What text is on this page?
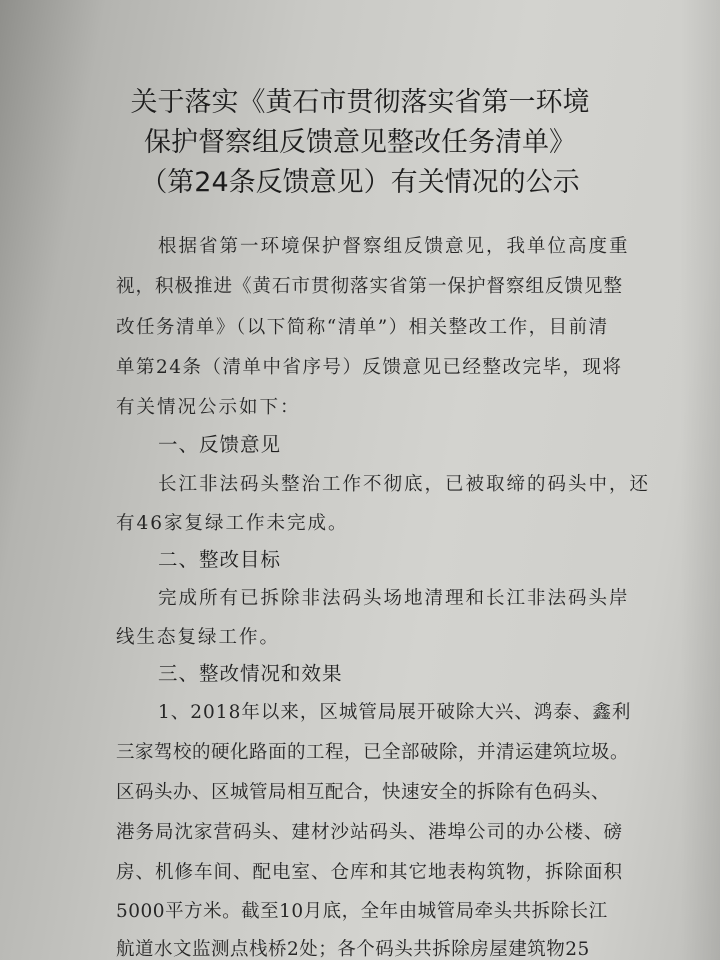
关于落实《黄石市贯彻落实省第一环境
保护督察组反馈意见整改任务清单》
（第24条反馈意见）有关情况的公示
根据省第一环境保护督察组反馈意见，我单位高度重
视，积极推进《黄石市贯彻落实省第一保护督察组反馈见整
改任务清单》（以下简称“清单”）相关整改工作，目前清
单第24条（清单中省序号）反馈意见已经整改完毕，现将
有关情况公示如下：
一、反馈意见
长江非法码头整治工作不彻底，已被取缔的码头中，还
有46家复绿工作未完成。
二、整改目标
完成所有已拆除非法码头场地清理和长江非法码头岸
线生态复绿工作。
三、整改情况和效果
1、2018年以来，区城管局展开破除大兴、鸿泰、鑫利
三家驾校的硬化路面的工程，已全部破除，并清运建筑垃圾。
区码头办、区城管局相互配合，快速安全的拆除有色码头、
港务局沈家营码头、建材沙站码头、港埠公司的办公楼、磅
房、机修车间、配电室、仓库和其它地表构筑物，拆除面积
5000平方米。截至10月底，全年由城管局牵头共拆除长江
航道水文监测点栈桥2处；各个码头共拆除房屋建筑物25
